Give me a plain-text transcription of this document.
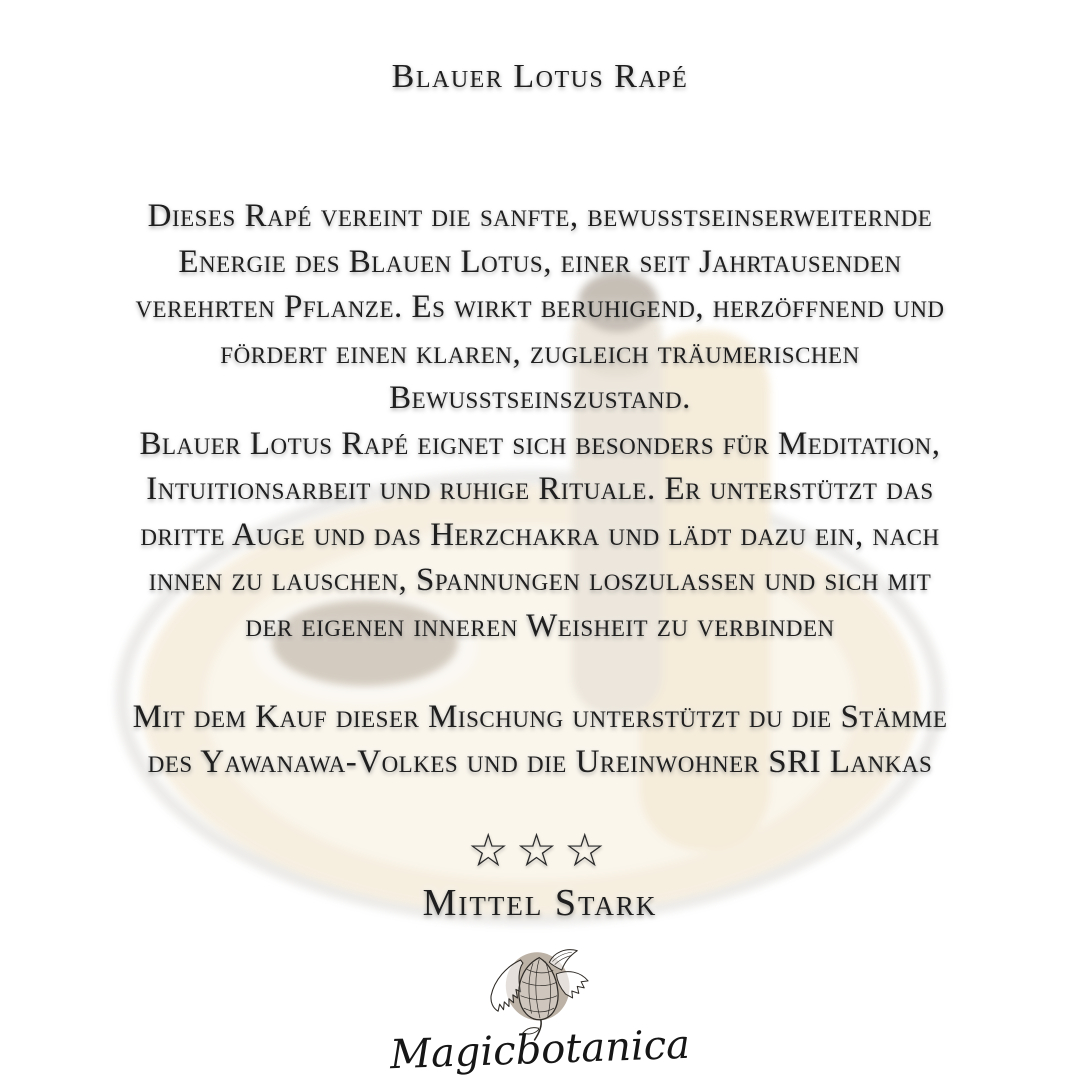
Blauer Lotus Rapé
Dieses Rapé vereint die sanfte, bewusstseinserweiternde
Energie des Blauen Lotus, einer seit Jahrtausenden
verehrten Pflanze. Es wirkt beruhigend, herzöffnend und
fördert einen klaren, zugleich träumerischen
Bewusstseinszustand.
Blauer Lotus Rapé eignet sich besonders für Meditation,
Intuitionsarbeit und ruhige Rituale. Er unterstützt das
dritte Auge und das Herzchakra und lädt dazu ein, nach
innen zu lauschen, Spannungen loszulassen und sich mit
der eigenen inneren Weisheit zu verbinden
Mit dem Kauf dieser Mischung unterstützt du die Stämme
des Yawanawa-Volkes und die Ureinwohner SRI Lankas
☆☆☆
Mittel Stark
Magicbotanica
